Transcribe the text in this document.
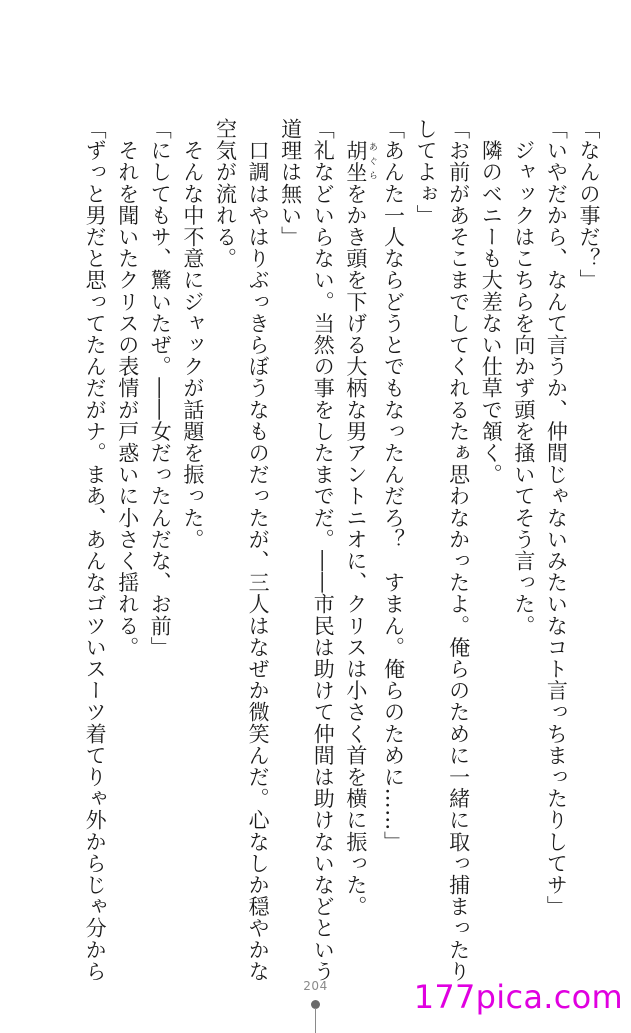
「なんの事だ？」
「いやだから、なんて言うか、仲間じゃないみたいなコト言っちまったりしてサ」
　ジャックはこちらを向かず頭を掻いてそう言った。
　隣のベニーも大差ない仕草で頷く。
「お前があそこまでしてくれるたぁ思わなかったよ。俺らのために一緒に取っ捕まったり
してよぉ」
「あんた一人ならどうとでもなったんだろ？　すまん。俺らのために……」
　胡坐 あぐらをかき頭を下げる大柄な男アントニオに、クリスは小さく首を横に振った。
「礼などいらない。当然の事をしたまでだ。――市民は助けて仲間は助けないなどという
道理は無い」
　口調はやはりぶっきらぼうなものだったが、三人はなぜか微笑んだ。心なしか穏やかな
空気が流れる。
　そんな中不意にジャックが話題を振った。
「にしてもサ、驚いたぜ。――女だったんだな、お前」
　それを聞いたクリスの表情が戸惑いに小さく揺れる。
「ずっと男だと思ってたんだがナ。まあ、あんなゴツいスーツ着てりゃ外からじゃ分から
204	177pica.com
